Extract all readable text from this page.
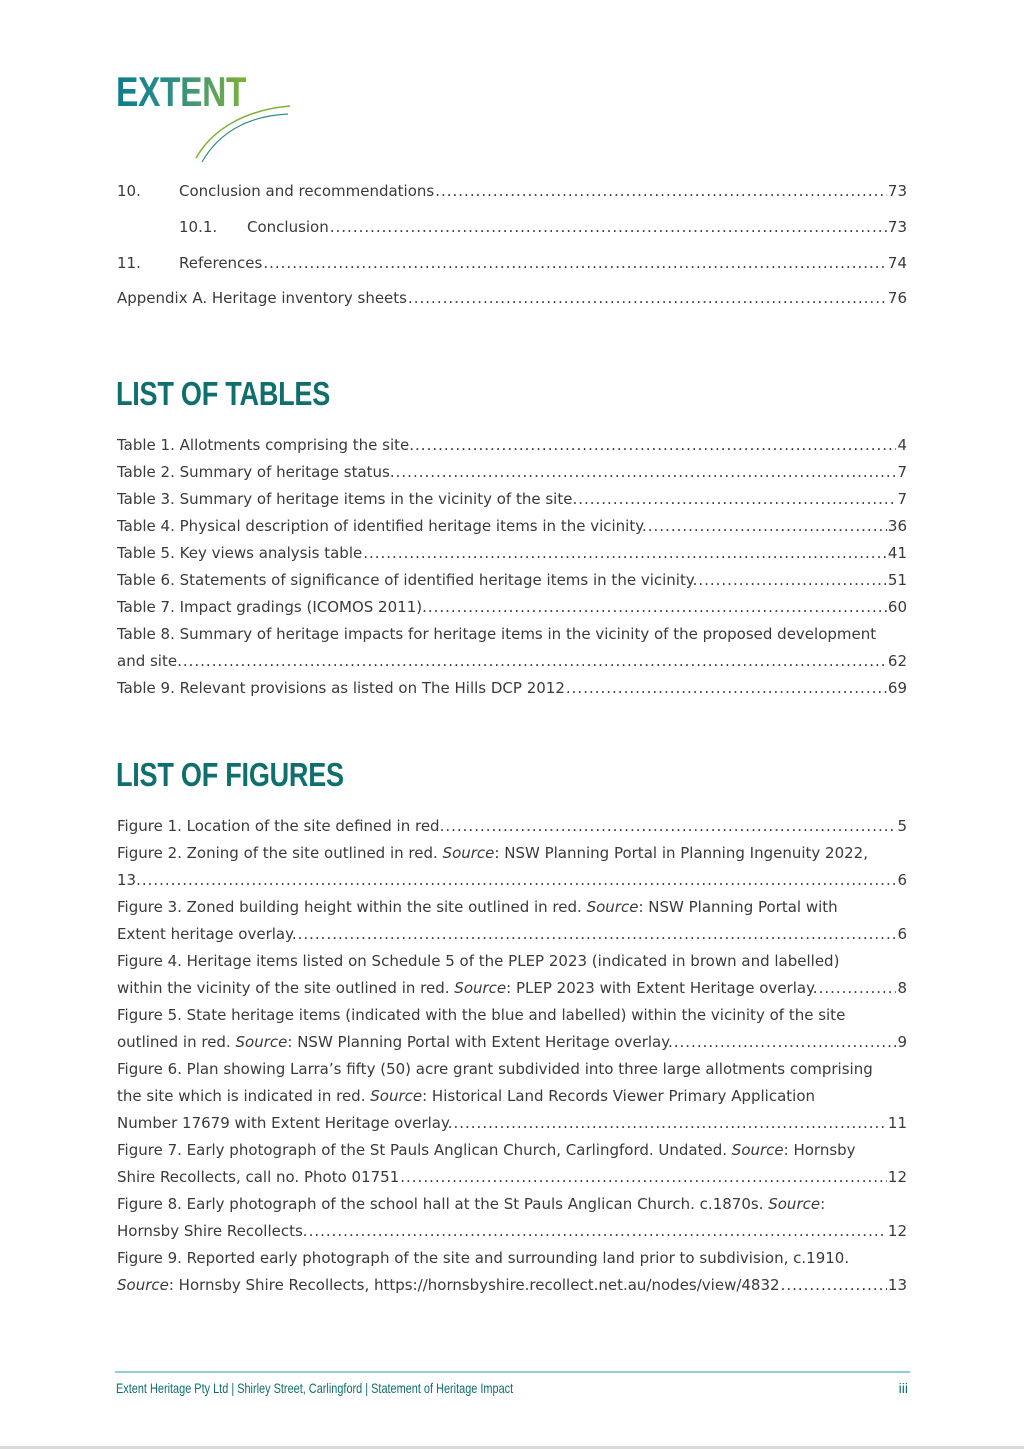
EXTENT
10.	Conclusion and recommendations .....	73
10.1.	Conclusion .....	73
11.	References .....	74
Appendix A. Heritage inventory sheets .....	76
LIST OF TABLES
Table 1. Allotments comprising the site. .....	4
Table 2. Summary of heritage status. .....	7
Table 3. Summary of heritage items in the vicinity of the site. .....	7
Table 4. Physical description of identified heritage items in the vicinity. .....	36
Table 5. Key views analysis table .....	41
Table 6. Statements of significance of identified heritage items in the vicinity. .....	51
Table 7. Impact gradings (ICOMOS 2011). .....	60
Table 8. Summary of heritage impacts for heritage items in the vicinity of the proposed development
and site. .....	62
Table 9. Relevant provisions as listed on The Hills DCP 2012 .....	69
LIST OF FIGURES
Figure 1. Location of the site defined in red. .....	5
Figure 2. Zoning of the site outlined in red. Source: NSW Planning Portal in Planning Ingenuity 2022,
13. .....	6
Figure 3. Zoned building height within the site outlined in red. Source: NSW Planning Portal with
Extent heritage overlay. .....	6
Figure 4. Heritage items listed on Schedule 5 of the PLEP 2023 (indicated in brown and labelled)
within the vicinity of the site outlined in red. Source: PLEP 2023 with Extent Heritage overlay. .....	8
Figure 5. State heritage items (indicated with the blue and labelled) within the vicinity of the site
outlined in red. Source: NSW Planning Portal with Extent Heritage overlay. .....	9
Figure 6. Plan showing Larra’s fifty (50) acre grant subdivided into three large allotments comprising
the site which is indicated in red. Source: Historical Land Records Viewer Primary Application
Number 17679 with Extent Heritage overlay. .....	11
Figure 7. Early photograph of the St Pauls Anglican Church, Carlingford. Undated. Source: Hornsby
Shire Recollects, call no. Photo 01751 .....	12
Figure 8. Early photograph of the school hall at the St Pauls Anglican Church. c.1870s. Source:
Hornsby Shire Recollects. .....	12
Figure 9. Reported early photograph of the site and surrounding land prior to subdivision, c.1910.
Source: Hornsby Shire Recollects, https://hornsbyshire.recollect.net.au/nodes/view/4832 .....	13
Extent Heritage Pty Ltd | Shirley Street, Carlingford | Statement of Heritage Impact	iii
